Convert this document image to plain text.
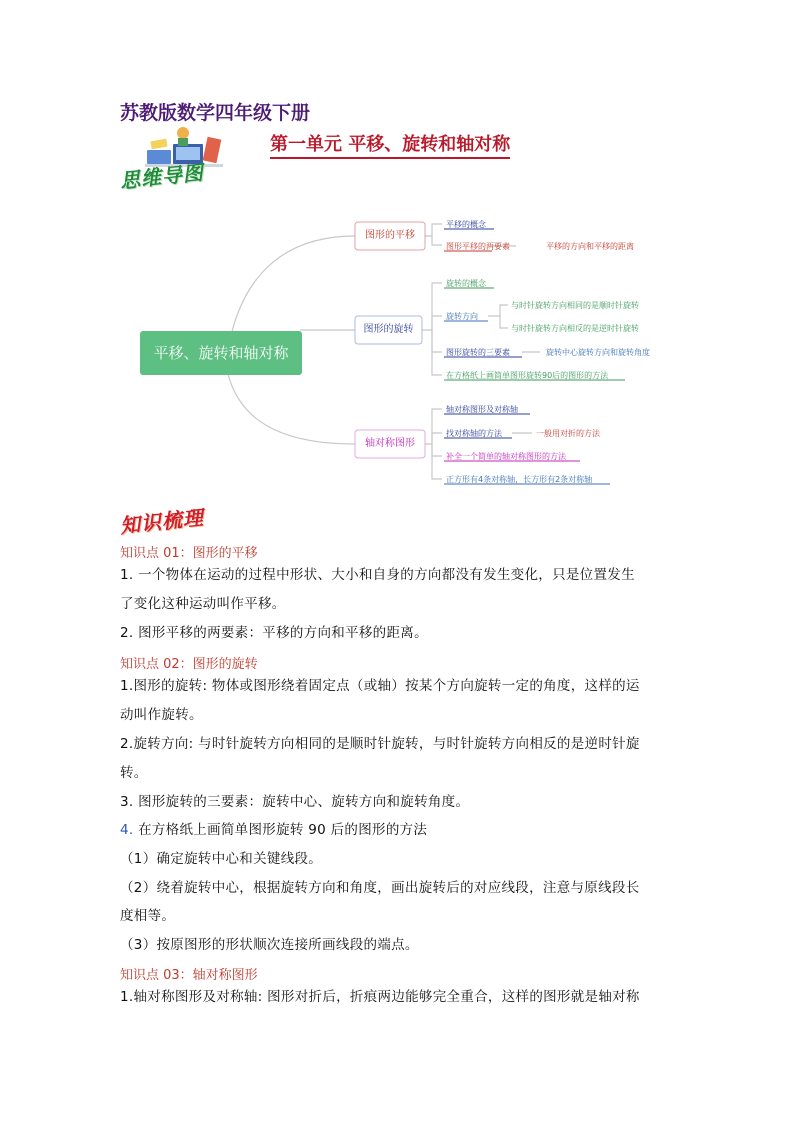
苏教版数学四年级下册
第一单元 平移、旋转和轴对称
思维导图
平移、旋转和轴对称
图形的平移
图形的旋转
轴对称图形
平移的概念
图形平移的两要素	平移的方向和平移的距离
旋转的概念
旋转方向
与时针旋转方向相同的是顺时针旋转
与时针旋转方向相反的是逆时针旋转
图形旋转的三要素	旋转中心旋转方向和旋转角度
在方格纸上画简单图形旋转90后的图形的方法
轴对称图形及对称轴
找对称轴的方法	一般用对折的方法
补全一个简单的轴对称图形的方法
正方形有4条对称轴，长方形有2条对称轴
知识梳理
知识点 01：图形的平移
1. 一个物体在运动的过程中形状、大小和自身的方向都没有发生变化，只是位置发生
了变化这种运动叫作平移。
2. 图形平移的两要素：平移的方向和平移的距离。
知识点 02：图形的旋转
1.图形的旋转: 物体或图形绕着固定点（或轴）按某个方向旋转一定的角度，这样的运
动叫作旋转。
2.旋转方向: 与时针旋转方向相同的是顺时针旋转，与时针旋转方向相反的是逆时针旋
转。
3. 图形旋转的三要素：旋转中心、旋转方向和旋转角度。
4. 在方格纸上画简单图形旋转 90 后的图形的方法
（1）确定旋转中心和关键线段。
（2）绕着旋转中心，根据旋转方向和角度，画出旋转后的对应线段，注意与原线段长
度相等。
（3）按原图形的形状顺次连接所画线段的端点。
知识点 03：轴对称图形
1.轴对称图形及对称轴: 图形对折后，折痕两边能够完全重合，这样的图形就是轴对称
